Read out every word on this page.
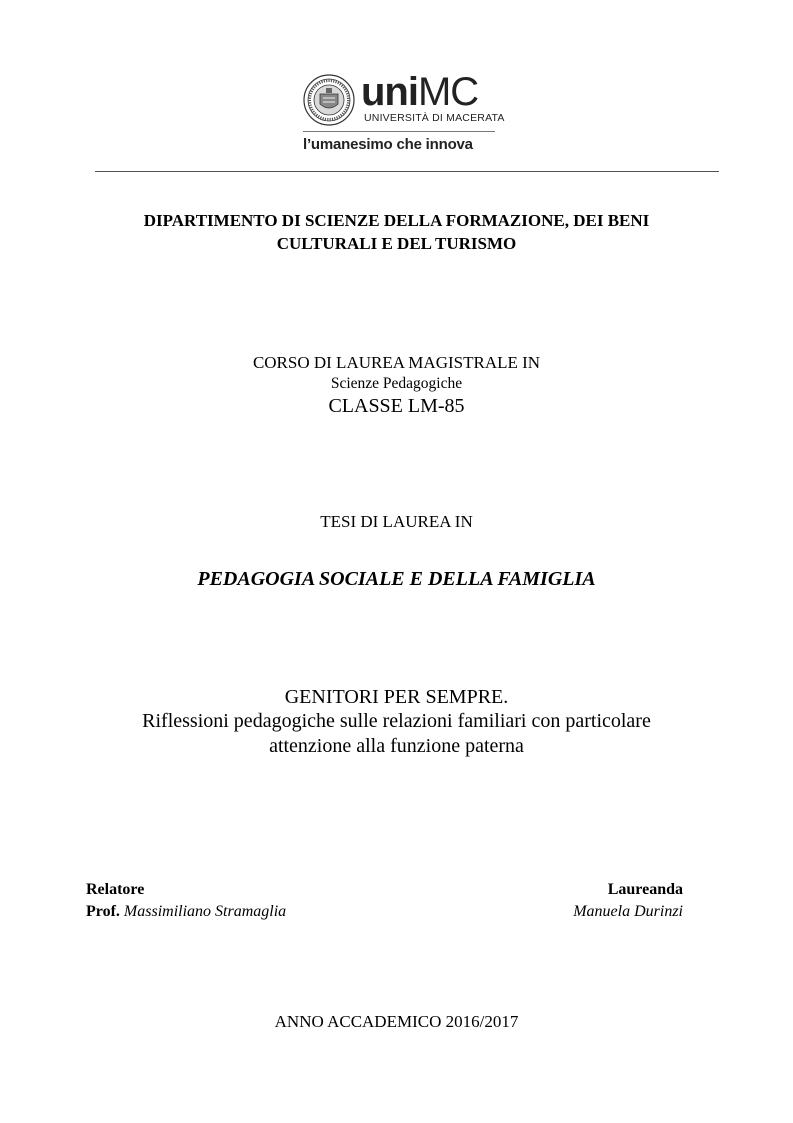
uniMC
UNIVERSITÀ DI MACERATA
l’umanesimo che innova
DIPARTIMENTO DI SCIENZE DELLA FORMAZIONE, DEI BENI
CULTURALI E DEL TURISMO
CORSO DI LAUREA MAGISTRALE IN
Scienze Pedagogiche
CLASSE LM-85
TESI DI LAUREA IN
PEDAGOGIA SOCIALE E DELLA FAMIGLIA
GENITORI PER SEMPRE.
Riflessioni pedagogiche sulle relazioni familiari con particolare
attenzione alla funzione paterna
Relatore
Prof. Massimiliano Stramaglia
Laureanda
Manuela Durinzi
ANNO ACCADEMICO 2016/2017
